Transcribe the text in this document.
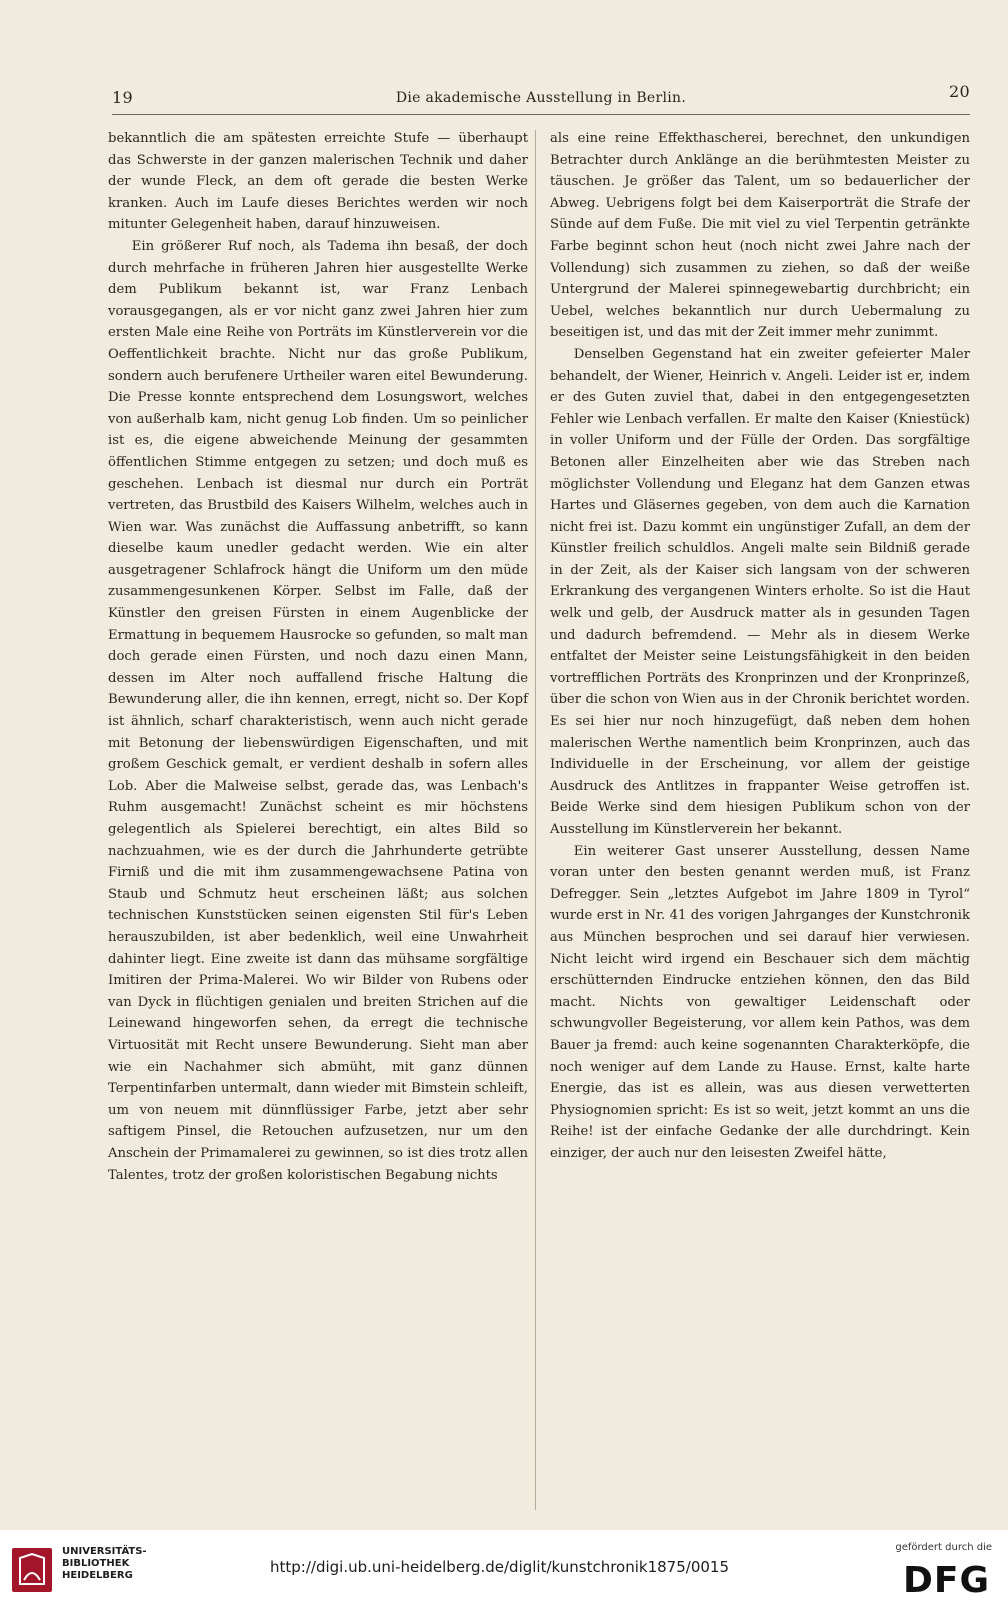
19	Die akademische Ausstellung in Berlin.	20

bekanntlich die am spätesten erreichte Stufe — überhaupt das Schwerste in der ganzen malerischen Technik und daher der wunde Fleck, an dem oft gerade die besten Werke kranken. Auch im Laufe dieses Berichtes werden wir noch mitunter Gelegenheit haben, darauf hinzuweisen.

Ein größerer Ruf noch, als Tadema ihn besaß, der doch durch mehrfache in früheren Jahren hier ausgestellte Werke dem Publikum bekannt ist, war Franz Lenbach vorausgegangen, als er vor nicht ganz zwei Jahren hier zum ersten Male eine Reihe von Porträts im Künstlerverein vor die Oeffentlichkeit brachte. Nicht nur das große Publikum, sondern auch berufenere Urtheiler waren eitel Bewunderung. Die Presse konnte entsprechend dem Losungswort, welches von außerhalb kam, nicht genug Lob finden. Um so peinlicher ist es, die eigene abweichende Meinung der gesammten öffentlichen Stimme entgegen zu setzen; und doch muß es geschehen. Lenbach ist diesmal nur durch ein Porträt vertreten, das Brustbild des Kaisers Wilhelm, welches auch in Wien war. Was zunächst die Auffassung anbetrifft, so kann dieselbe kaum unedler gedacht werden. Wie ein alter ausgetragener Schlafrock hängt die Uniform um den müde zusammengesunkenen Körper. Selbst im Falle, daß der Künstler den greisen Fürsten in einem Augenblicke der Ermattung in bequemem Hausrocke so gefunden, so malt man doch gerade einen Fürsten, und noch dazu einen Mann, dessen im Alter noch auffallend frische Haltung die Bewunderung aller, die ihn kennen, erregt, nicht so. Der Kopf ist ähnlich, scharf charakteristisch, wenn auch nicht gerade mit Betonung der liebenswürdigen Eigenschaften, und mit großem Geschick gemalt, er verdient deshalb in sofern alles Lob. Aber die Malweise selbst, gerade das, was Lenbach's Ruhm ausgemacht! Zunächst scheint es mir höchstens gelegentlich als Spielerei berechtigt, ein altes Bild so nachzuahmen, wie es der durch die Jahrhunderte getrübte Firniß und die mit ihm zusammengewachsene Patina von Staub und Schmutz heut erscheinen läßt; aus solchen technischen Kunststücken seinen eigensten Stil für's Leben herauszubilden, ist aber bedenklich, weil eine Unwahrheit dahinter liegt. Eine zweite ist dann das mühsame sorgfältige Imitiren der Prima-Malerei. Wo wir Bilder von Rubens oder van Dyck in flüchtigen genialen und breiten Strichen auf die Leinewand hingeworfen sehen, da erregt die technische Virtuosität mit Recht unsere Bewunderung. Sieht man aber wie ein Nachahmer sich abmüht, mit ganz dünnen Terpentinfarben untermalt, dann wieder mit Bimstein schleift, um von neuem mit dünnflüssiger Farbe, jetzt aber sehr saftigem Pinsel, die Retouchen aufzusetzen, nur um den Anschein der Primamalerei zu gewinnen, so ist dies trotz allen Talentes, trotz der großen koloristischen Begabung nichts

als eine reine Effekthascherei, berechnet, den unkundigen Betrachter durch Anklänge an die berühmtesten Meister zu täuschen. Je größer das Talent, um so bedauerlicher der Abweg. Uebrigens folgt bei dem Kaiserporträt die Strafe der Sünde auf dem Fuße. Die mit viel zu viel Terpentin getränkte Farbe beginnt schon heut (noch nicht zwei Jahre nach der Vollendung) sich zusammen zu ziehen, so daß der weiße Untergrund der Malerei spinnegewebartig durchbricht; ein Uebel, welches bekanntlich nur durch Uebermalung zu beseitigen ist, und das mit der Zeit immer mehr zunimmt.

Denselben Gegenstand hat ein zweiter gefeierter Maler behandelt, der Wiener, Heinrich v. Angeli. Leider ist er, indem er des Guten zuviel that, dabei in den entgegengesetzten Fehler wie Lenbach verfallen. Er malte den Kaiser (Kniestück) in voller Uniform und der Fülle der Orden. Das sorgfältige Betonen aller Einzelheiten aber wie das Streben nach möglichster Vollendung und Eleganz hat dem Ganzen etwas Hartes und Gläsernes gegeben, von dem auch die Karnation nicht frei ist. Dazu kommt ein ungünstiger Zufall, an dem der Künstler freilich schuldlos. Angeli malte sein Bildniß gerade in der Zeit, als der Kaiser sich langsam von der schweren Erkrankung des vergangenen Winters erholte. So ist die Haut welk und gelb, der Ausdruck matter als in gesunden Tagen und dadurch befremdend. — Mehr als in diesem Werke entfaltet der Meister seine Leistungsfähigkeit in den beiden vortrefflichen Porträts des Kronprinzen und der Kronprinzeß, über die schon von Wien aus in der Chronik berichtet worden. Es sei hier nur noch hinzugefügt, daß neben dem hohen malerischen Werthe namentlich beim Kronprinzen, auch das Individuelle in der Erscheinung, vor allem der geistige Ausdruck des Antlitzes in frappanter Weise getroffen ist. Beide Werke sind dem hiesigen Publikum schon von der Ausstellung im Künstlerverein her bekannt.

Ein weiterer Gast unserer Ausstellung, dessen Name voran unter den besten genannt werden muß, ist Franz Defregger. Sein „letztes Aufgebot im Jahre 1809 in Tyrol“ wurde erst in Nr. 41 des vorigen Jahrganges der Kunstchronik aus München besprochen und sei darauf hier verwiesen. Nicht leicht wird irgend ein Beschauer sich dem mächtig erschütternden Eindrucke entziehen können, den das Bild macht. Nichts von gewaltiger Leidenschaft oder schwungvoller Begeisterung, vor allem kein Pathos, was dem Bauer ja fremd: auch keine sogenannten Charakterköpfe, die noch weniger auf dem Lande zu Hause. Ernst, kalte harte Energie, das ist es allein, was aus diesen verwetterten Physiognomien spricht: Es ist so weit, jetzt kommt an uns die Reihe! ist der einfache Gedanke der alle durchdringt. Kein einziger, der auch nur den leisesten Zweifel hätte,

UNIVERSITÄTS-
BIBLIOTHEK
HEIDELBERG	http://digi.ub.uni-heidelberg.de/diglit/kunstchronik1875/0015
gefördert durch die
DFG
